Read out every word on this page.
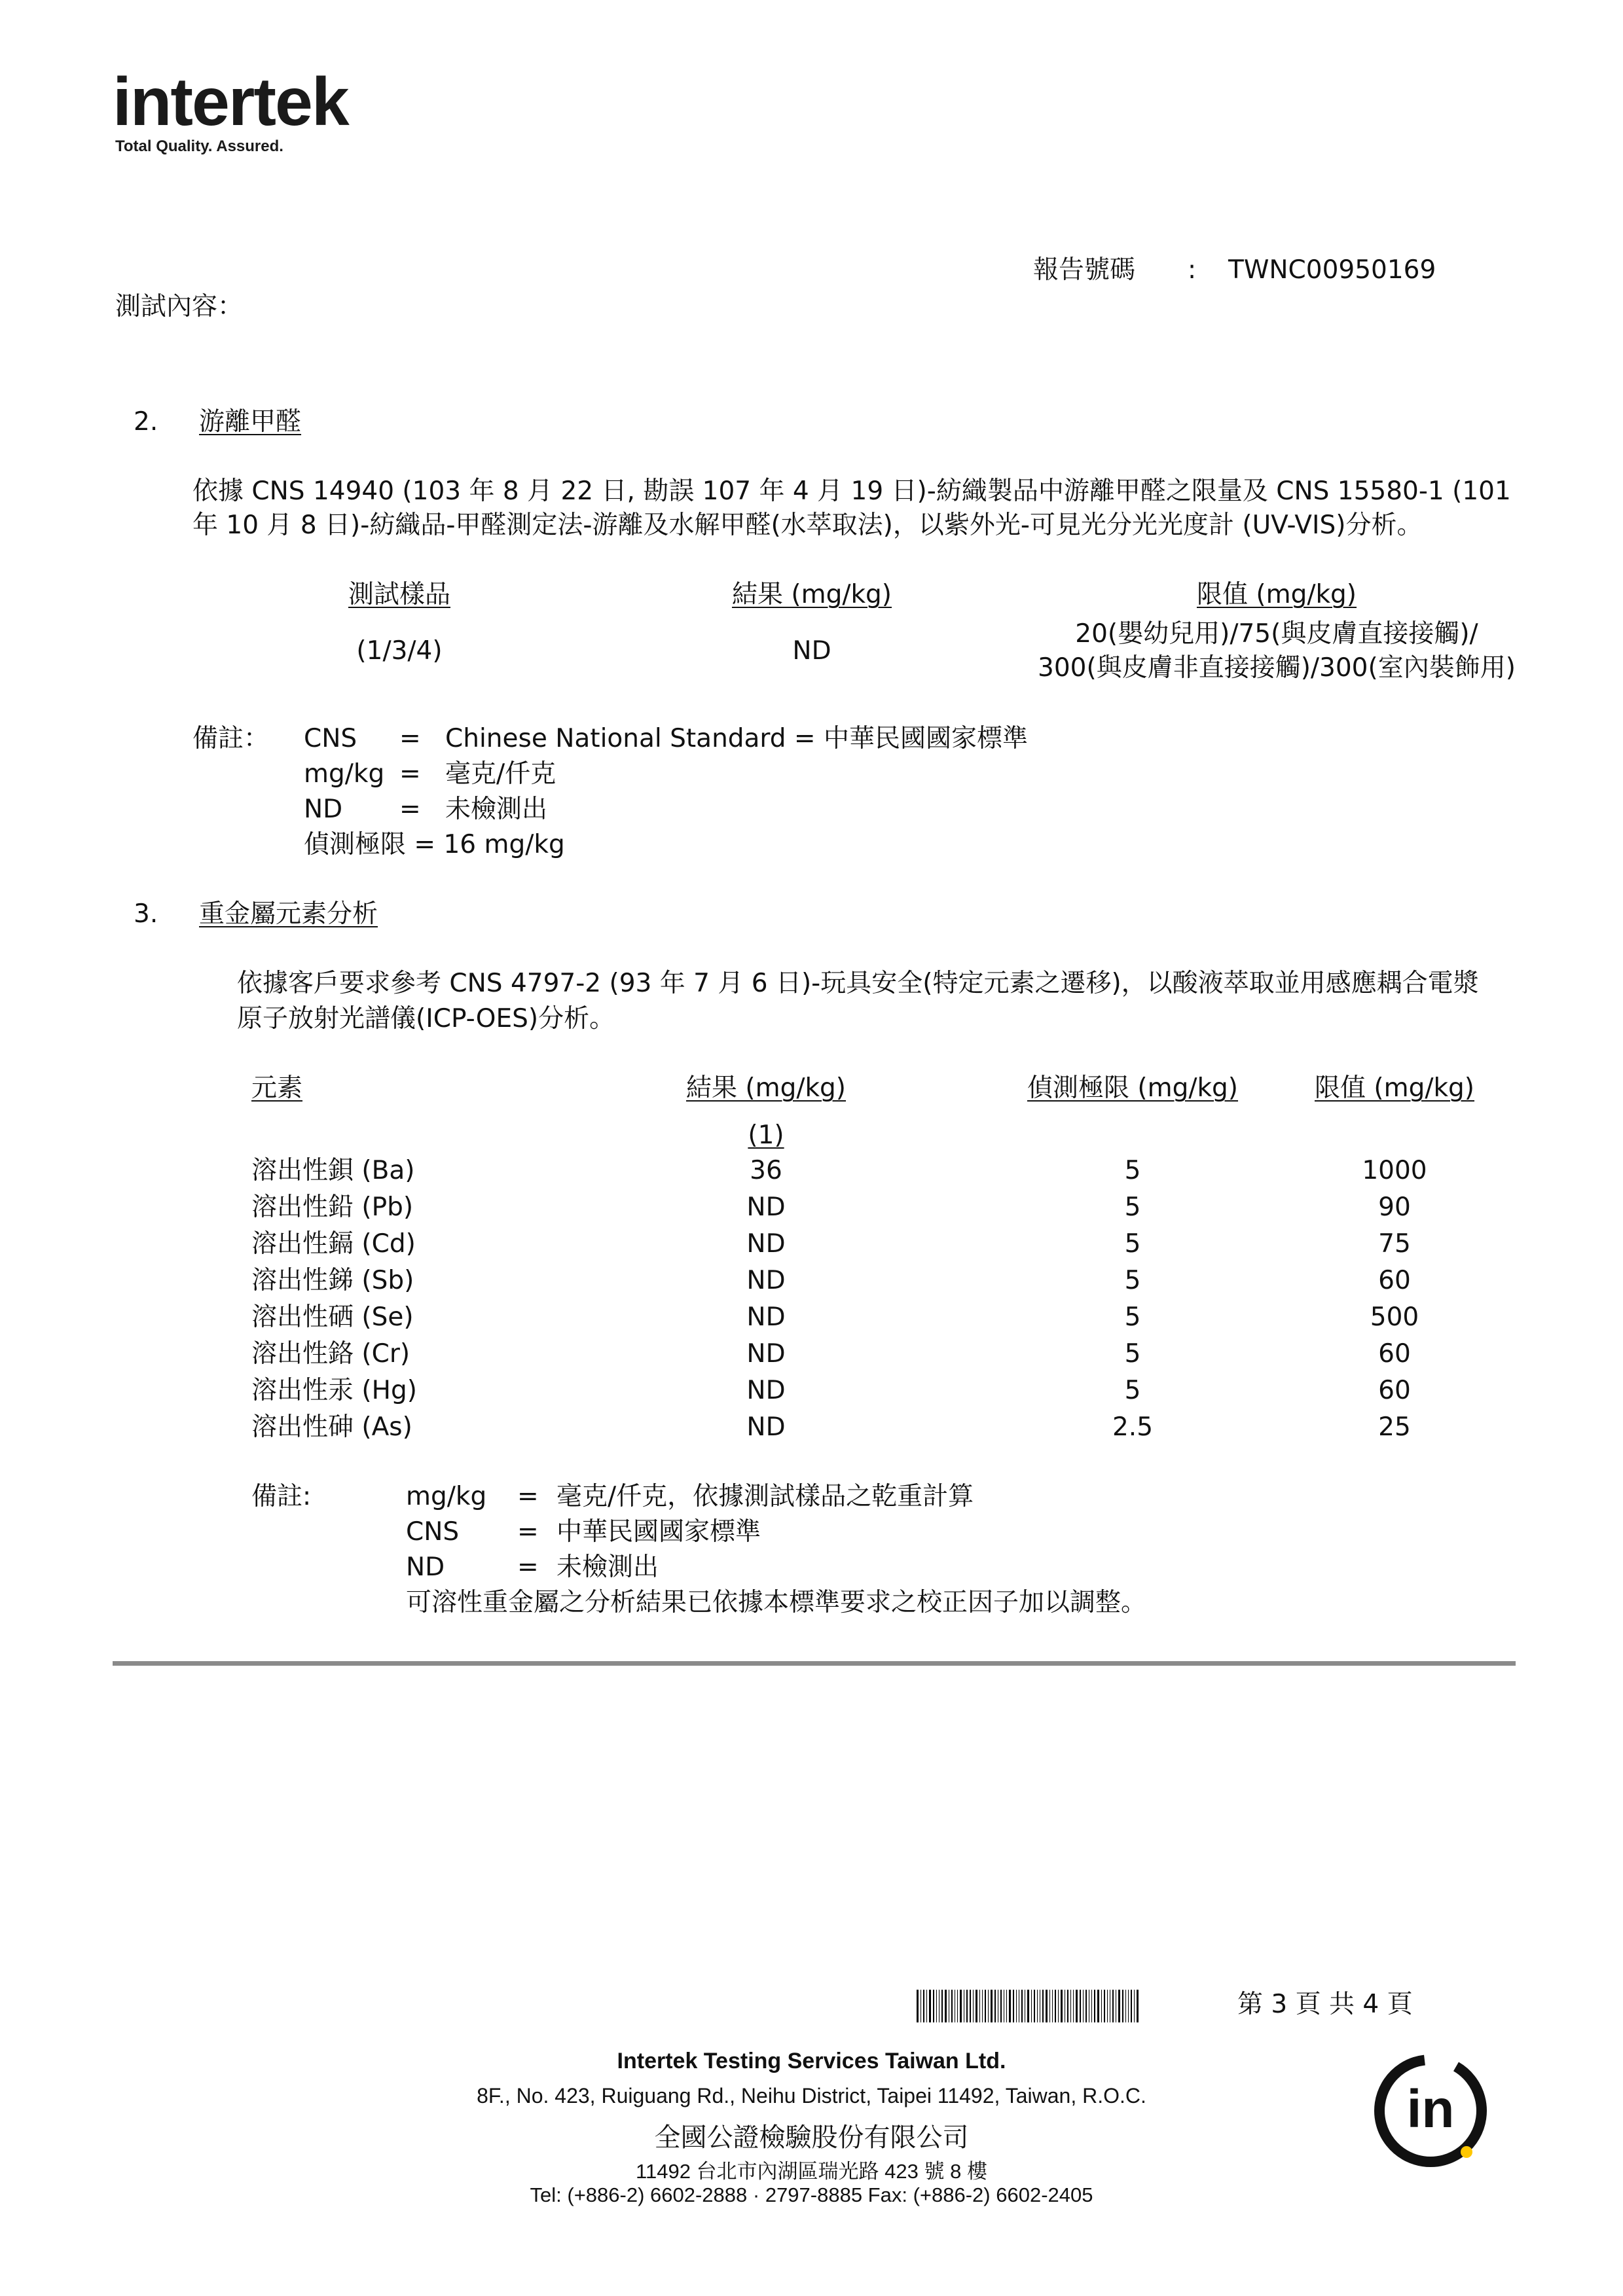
intertek
Total Quality. Assured.
報告號碼 : TWNC00950169
測試內容：
2. 游離甲醛
依據 CNS 14940 (103 年 8 月 22 日, 勘誤 107 年 4 月 19 日)-紡織製品中游離甲醛之限量及 CNS 15580-1 (101
年 10 月 8 日)-紡織品-甲醛測定法-游離及水解甲醛(水萃取法)，以紫外光-可見光分光光度計 (UV-VIS)分析。
測試樣品	結果 (mg/kg)	限值 (mg/kg)
(1/3/4)	ND
20(嬰幼兒用)/75(與皮膚直接接觸)/
300(與皮膚非直接接觸)/300(室內裝飾用)
備註： CNS = Chinese National Standard = 中華民國國家標準
mg/kg = 毫克/仟克
ND = 未檢測出
偵測極限 = 16 mg/kg
3. 重金屬元素分析
依據客戶要求參考 CNS 4797-2 (93 年 7 月 6 日)-玩具安全(特定元素之遷移)，以酸液萃取並用感應耦合電漿
原子放射光譜儀(ICP-OES)分析。
元素	結果 (mg/kg)	偵測極限 (mg/kg)	限值 (mg/kg)
(1)
溶出性鋇 (Ba)	36	5	1000
溶出性鉛 (Pb)	ND	5	90
溶出性鎘 (Cd)	ND	5	75
溶出性銻 (Sb)	ND	5	60
溶出性硒 (Se)	ND	5	500
溶出性鉻 (Cr)	ND	5	60
溶出性汞 (Hg)	ND	5	60
溶出性砷 (As)	ND	2.5	25
備註:	mg/kg = 毫克/仟克，依據測試樣品之乾重計算
CNS = 中華民國國家標準
ND	= 未檢測出
可溶性重金屬之分析結果已依據本標準要求之校正因子加以調整。
第 3 頁 共 4 頁
Intertek Testing Services Taiwan Ltd.
8F., No. 423, Ruiguang Rd., Neihu District, Taipei 11492, Taiwan, R.O.C.
全國公證檢驗股份有限公司
11492 台北市內湖區瑞光路 423 號 8 樓
Tel: (+886-2) 6602-2888 · 2797-8885 Fax: (+886-2) 6602-2405
in
